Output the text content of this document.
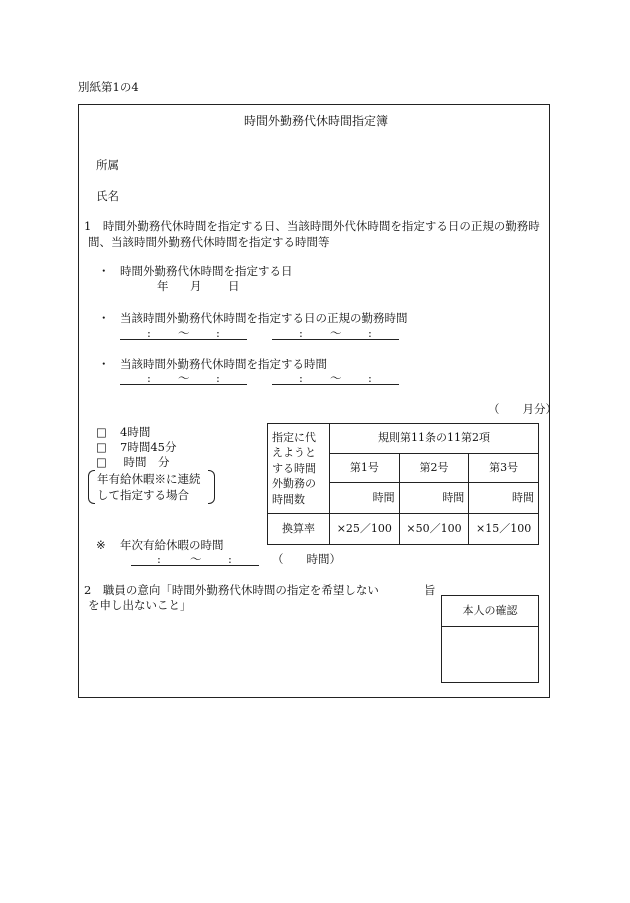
別紙第1の4
時間外勤務代休時間指定簿
所属
氏名
1　時間外勤務代休時間を指定する日、当該時間外代休時間を指定する日の正規の勤務時
間、当該時間外勤務代休時間を指定する時間等
・ 時間外勤務代休時間を指定する日
年 月 日
・ 当該時間外勤務代休時間を指定する日の正規の勤務時間
: 〜 :	: 〜 :
・ 当該時間外勤務代休時間を指定する時間
: 〜 :	: 〜 :
（　　月分）
□ 4時間
□ 7時間45分
□ 　時間　分
年有給休暇※に連続
して指定する場合
指定に代
えようと
する時間
外勤務の
時間数	規則第11条の11第2項		
	第1号	第2号	第3号
	時間	時間	時間
換算率	×25／100	×50／100	×15／100
※ 年次有給休暇の時間
:	〜 :	（　　時間）
2　職員の意向「時間外勤務代休時間の指定を希望しない	旨
を申し出ないこと」	本人の確認
